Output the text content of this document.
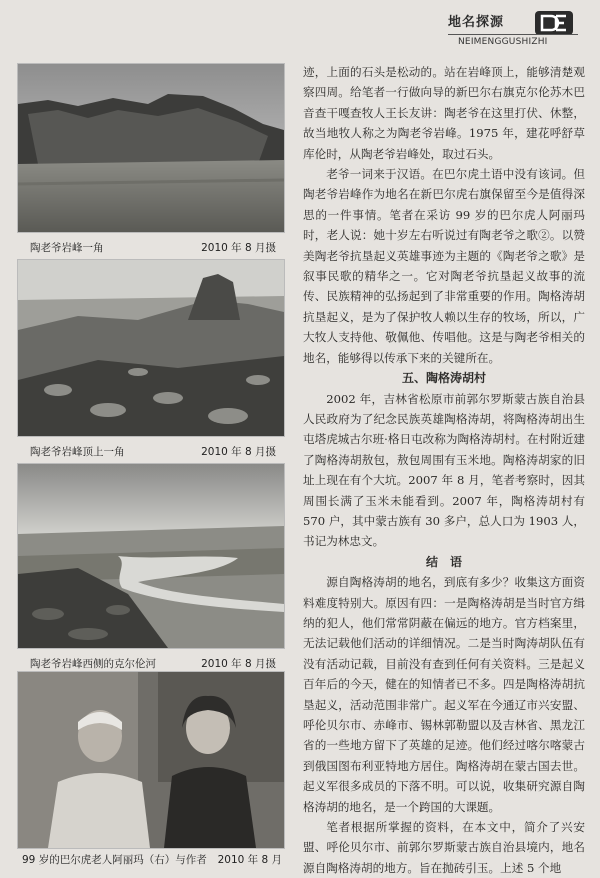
地名探源
NEIMENGGUSHIZHI
陶老爷岩峰一角	2010 年 8 月摄
陶老爷岩峰顶上一角	2010 年 8 月摄
陶老爷岩峰西侧的克尔伦河	2010 年 8 月摄
99 岁的巴尔虎老人阿丽玛（右）与作者 2010 年 8 月

迹，上面的石头是松动的。站在岩峰顶上，能够清楚观察四周。给笔者一行做向导的新巴尔右旗克尔伦苏木巴音查干嘎查牧人王长友讲：陶老爷在这里打伏、休整，故当地牧人称之为陶老爷岩峰。1975 年，建花呼舒草库伦时，从陶老爷岩峰处，取过石头。

老爷一词来于汉语。在巴尔虎土语中没有该词。但陶老爷岩峰作为地名在新巴尔虎右旗保留至今是值得深思的一件事情。笔者在采访 99 岁的巴尔虎人阿丽玛时，老人说：她十岁左右听说过有陶老爷之歌②。以赞美陶老爷抗垦起义英雄事迹为主题的《陶老爷之歌》是叙事民歌的精华之一。它对陶老爷抗垦起义故事的流传、民族精神的弘扬起到了非常重要的作用。陶格涛胡抗垦起义，是为了保护牧人赖以生存的牧场，所以，广大牧人支持他、敬佩他、传唱他。这是与陶老爷相关的地名，能够得以传承下来的关键所在。

五、陶格涛胡村

2002 年，吉林省松原市前郭尔罗斯蒙古族自治县人民政府为了纪念民族英雄陶格涛胡，将陶格涛胡出生屯塔虎城古尔班·格日屯改称为陶格涛胡村。在村附近建了陶格涛胡敖包，敖包周围有玉米地。陶格涛胡家的旧址上现在有个大坑。2007 年 8 月，笔者考察时，因其周围长满了玉米未能看到。2007 年，陶格涛胡村有 570 户，其中蒙古族有 30 多户，总人口为 1903 人，书记为林忠文。

结　语

源自陶格涛胡的地名，到底有多少？收集这方面资料难度特别大。原因有四：一是陶格涛胡是当时官方缉纳的犯人，他们常常阴蔽在偏远的地方。官方档案里，无法记载他们活动的详细情况。二是当时陶涛胡队伍有没有活动记载，目前没有查到任何有关资料。三是起义百年后的今天，健在的知情者已不多。四是陶格涛胡抗垦起义，活动范围非常广。起义军在今通辽市兴安盟、呼伦贝尔市、赤峰市、锡林郭勒盟以及吉林省、黑龙江省的一些地方留下了英雄的足迹。他们经过喀尔喀蒙古到俄国图布利亚特地方居住。陶格涛胡在蒙古国去世。起义军很多成员的下落不明。可以说，收集研究源自陶格涛胡的地名，是一个跨国的大课题。

笔者根据所掌握的资料，在本文中，简介了兴安盟、呼伦贝尔市、前郭尔罗斯蒙古族自治县境内，地名源自陶格涛胡的地方。旨在抛砖引玉。上述 5 个地
